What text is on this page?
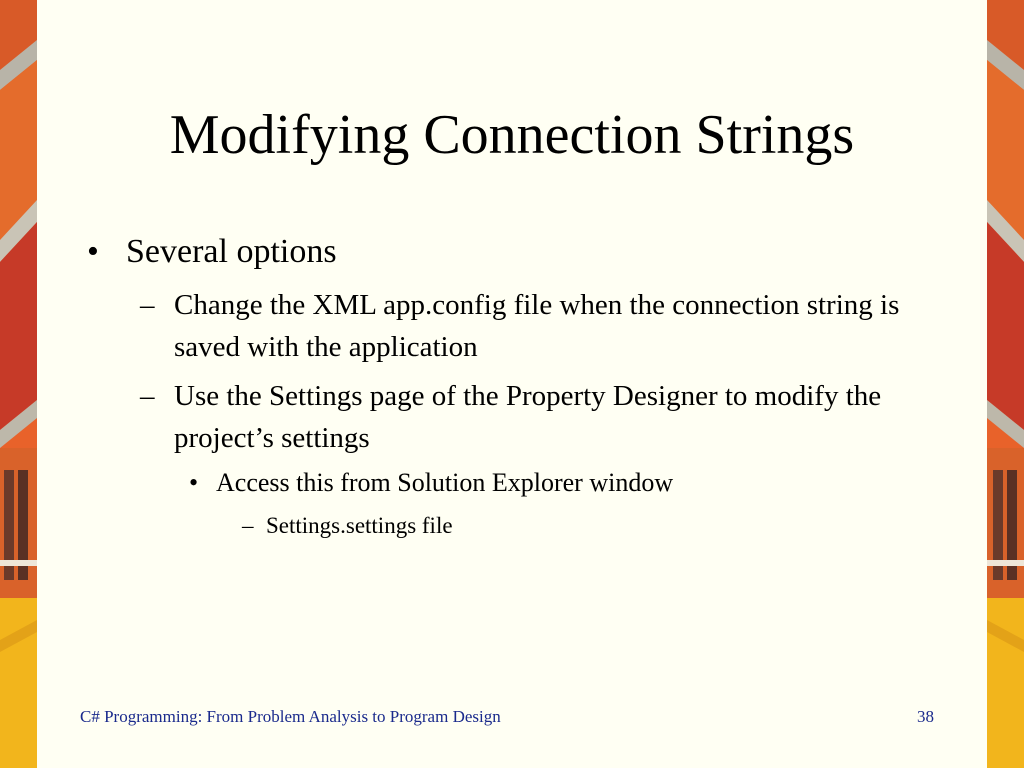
Modifying Connection Strings
• Several options
– Change the XML app.config file when the connection string is saved with the application
– Use the Settings page of the Property Designer to modify the project’s settings
• Access this from Solution Explorer window
– Settings.settings file
C# Programming: From Problem Analysis to Program Design	38
